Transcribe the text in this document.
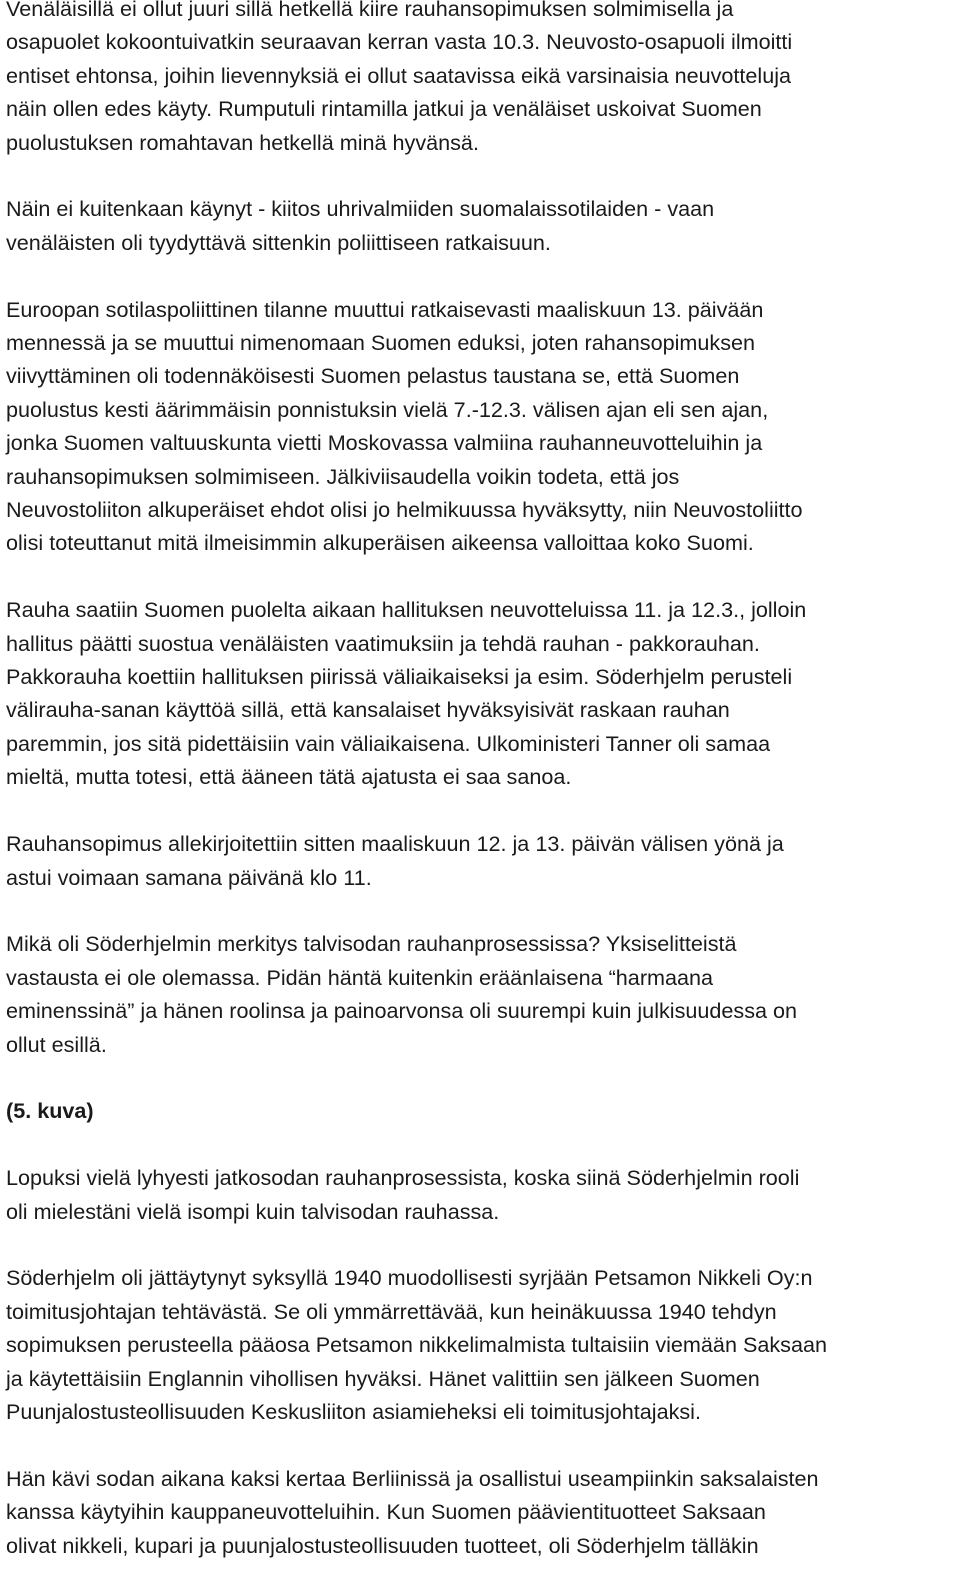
Venäläisillä ei ollut juuri sillä hetkellä kiire rauhansopimuksen solmimisella ja
osapuolet kokoontuivatkin seuraavan kerran vasta 10.3. Neuvosto-osapuoli ilmoitti
entiset ehtonsa, joihin lievennyksiä ei ollut saatavissa eikä varsinaisia neuvotteluja
näin ollen edes käyty. Rumputuli rintamilla jatkui ja venäläiset uskoivat Suomen
puolustuksen romahtavan hetkellä minä hyvänsä.
Näin ei kuitenkaan käynyt - kiitos uhrivalmiiden suomalaissotilaiden - vaan
venäläisten oli tyydyttävä sittenkin poliittiseen ratkaisuun.
Euroopan sotilaspoliittinen tilanne muuttui ratkaisevasti maaliskuun 13. päivään
mennessä ja se muuttui nimenomaan Suomen eduksi, joten rahansopimuksen
viivyttäminen oli todennäköisesti Suomen pelastus taustana se, että Suomen
puolustus kesti äärimmäisin ponnistuksin vielä 7.-12.3. välisen ajan eli sen ajan,
jonka Suomen valtuuskunta vietti Moskovassa valmiina rauhanneuvotteluihin ja
rauhansopimuksen solmimiseen. Jälkiviisaudella voikin todeta, että jos
Neuvostoliiton alkuperäiset ehdot olisi jo helmikuussa hyväksytty, niin Neuvostoliitto
olisi toteuttanut mitä ilmeisimmin alkuperäisen aikeensa valloittaa koko Suomi.
Rauha saatiin Suomen puolelta aikaan hallituksen neuvotteluissa 11. ja 12.3., jolloin
hallitus päätti suostua venäläisten vaatimuksiin ja tehdä rauhan - pakkorauhan.
Pakkorauha koettiin hallituksen piirissä väliaikaiseksi ja esim. Söderhjelm perusteli
välirauha-sanan käyttöä sillä, että kansalaiset hyväksyisivät raskaan rauhan
paremmin, jos sitä pidettäisiin vain väliaikaisena. Ulkoministeri Tanner oli samaa
mieltä, mutta totesi, että ääneen tätä ajatusta ei saa sanoa.
Rauhansopimus allekirjoitettiin sitten maaliskuun 12. ja 13. päivän välisen yönä ja
astui voimaan samana päivänä klo 11.
Mikä oli Söderhjelmin merkitys talvisodan rauhanprosessissa? Yksiselitteistä
vastausta ei ole olemassa. Pidän häntä kuitenkin eräänlaisena “harmaana
eminenssinä” ja hänen roolinsa ja painoarvonsa oli suurempi kuin julkisuudessa on
ollut esillä.
(5. kuva)
Lopuksi vielä lyhyesti jatkosodan rauhanprosessista, koska siinä Söderhjelmin rooli
oli mielestäni vielä isompi kuin talvisodan rauhassa.
Söderhjelm oli jättäytynyt syksyllä 1940 muodollisesti syrjään Petsamon Nikkeli Oy:n
toimitusjohtajan tehtävästä. Se oli ymmärrettävää, kun heinäkuussa 1940 tehdyn
sopimuksen perusteella pääosa Petsamon nikkelimalmista tultaisiin viemään Saksaan
ja käytettäisiin Englannin vihollisen hyväksi. Hänet valittiin sen jälkeen Suomen
Puunjalostusteollisuuden Keskusliiton asiamieheksi eli toimitusjohtajaksi.
Hän kävi sodan aikana kaksi kertaa Berliinissä ja osallistui useampiinkin saksalaisten
kanssa käytyihin kauppaneuvotteluihin. Kun Suomen päävientituotteet Saksaan
olivat nikkeli, kupari ja puunjalostusteollisuuden tuotteet, oli Söderhjelm tälläkin
